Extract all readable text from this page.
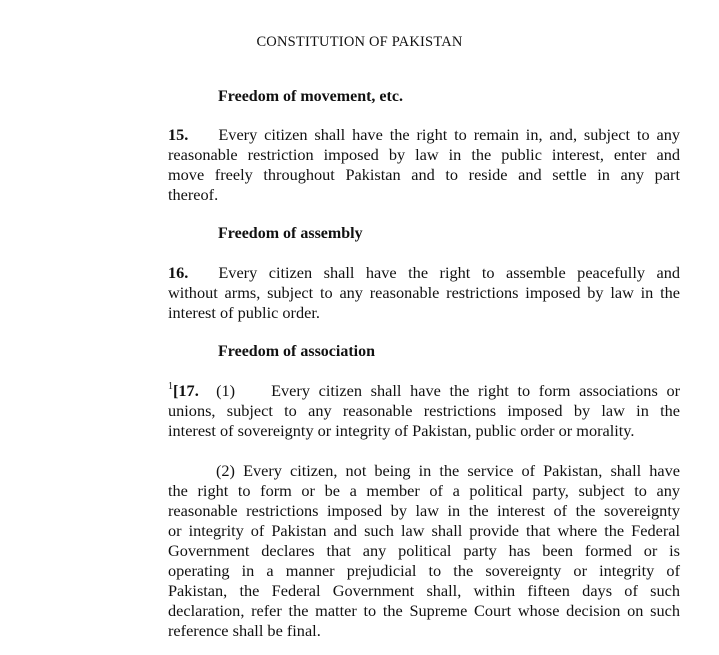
CONSTITUTION OF PAKISTAN
Freedom of movement, etc.
15. Every citizen shall have the right to remain in, and, subject to any
reasonable restriction imposed by law in the public interest, enter and
move freely throughout Pakistan and to reside and settle in any part
thereof.
Freedom of assembly
16. Every citizen shall have the right to assemble peacefully and
without arms, subject to any reasonable restrictions imposed by law in the
interest of public order.
Freedom of association
$^1$[17. (1) Every citizen shall have the right to form associations or
unions, subject to any reasonable restrictions imposed by law in the
interest of sovereignty or integrity of Pakistan, public order or morality.
(2) Every citizen, not being in the service of Pakistan, shall have
the right to form or be a member of a political party, subject to any
reasonable restrictions imposed by law in the interest of the sovereignty
or integrity of Pakistan and such law shall provide that where the Federal
Government declares that any political party has been formed or is
operating in a manner prejudicial to the sovereignty or integrity of
Pakistan, the Federal Government shall, within fifteen days of such
declaration, refer the matter to the Supreme Court whose decision on such
reference shall be final.
